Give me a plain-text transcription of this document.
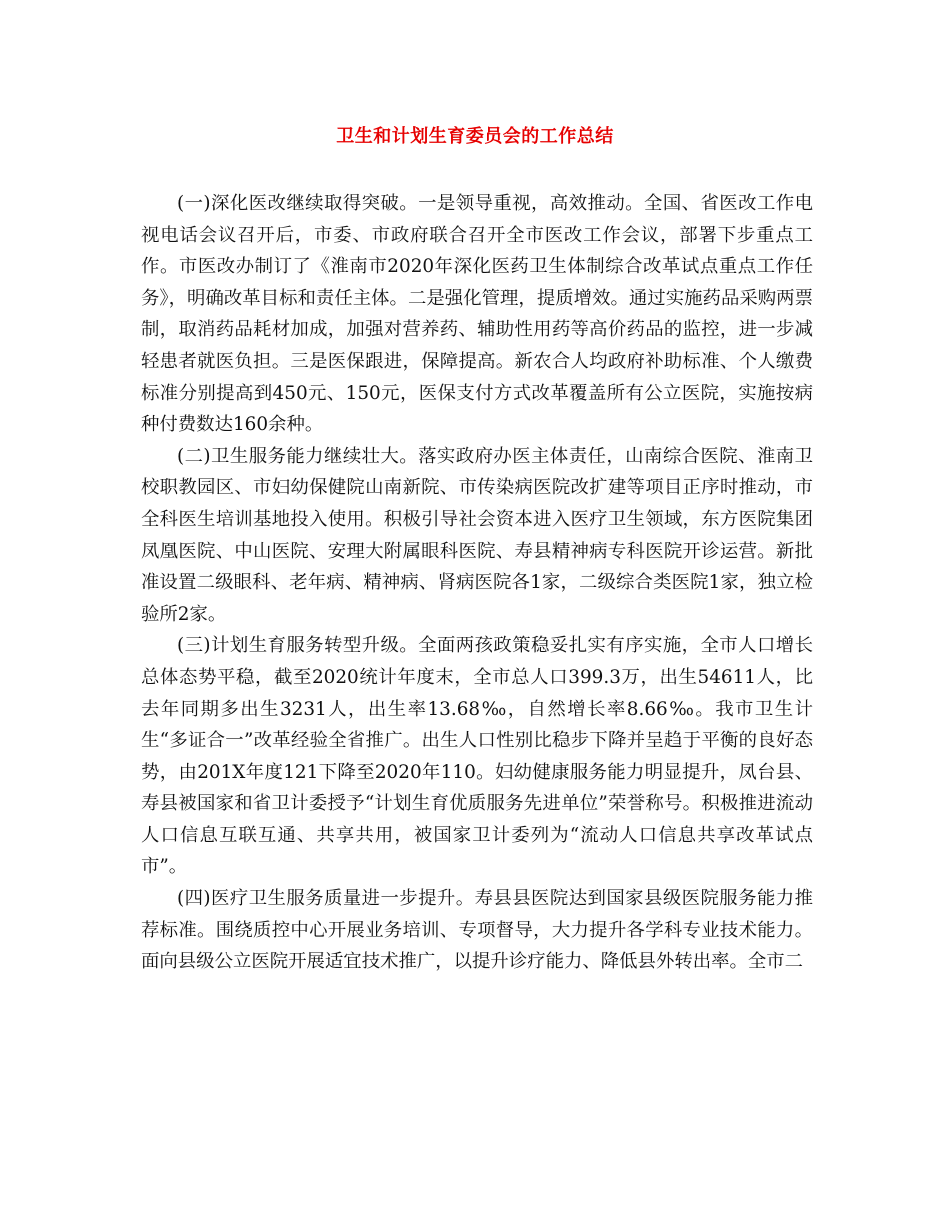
卫生和计划生育委员会的工作总结

(一)深化医改继续取得突破。一是领导重视，高效推动。全国、省医改工作电视电话会议召开后，市委、市政府联合召开全市医改工作会议，部署下步重点工作。市医改办制订了《淮南市2020年深化医药卫生体制综合改革试点重点工作任务》，明确改革目标和责任主体。二是强化管理，提质增效。通过实施药品采购两票制，取消药品耗材加成，加强对营养药、辅助性用药等高价药品的监控，进一步减轻患者就医负担。三是医保跟进，保障提高。新农合人均政府补助标准、个人缴费标准分别提高到450元、150元，医保支付方式改革覆盖所有公立医院，实施按病种付费数达160余种。

(二)卫生服务能力继续壮大。落实政府办医主体责任，山南综合医院、淮南卫校职教园区、市妇幼保健院山南新院、市传染病医院改扩建等项目正序时推动，市全科医生培训基地投入使用。积极引导社会资本进入医疗卫生领域，东方医院集团凤凰医院、中山医院、安理大附属眼科医院、寿县精神病专科医院开诊运营。新批准设置二级眼科、老年病、精神病、肾病医院各1家，二级综合类医院1家，独立检验所2家。

(三)计划生育服务转型升级。全面两孩政策稳妥扎实有序实施，全市人口增长总体态势平稳，截至2020统计年度末，全市总人口399.3万，出生54611人，比去年同期多出生3231人，出生率13.68‰，自然增长率8.66‰。我市卫生计生“多证合一”改革经验全省推广。出生人口性别比稳步下降并呈趋于平衡的良好态势，由201X年度121下降至2020年110。妇幼健康服务能力明显提升，凤台县、寿县被国家和省卫计委授予“计划生育优质服务先进单位”荣誉称号。积极推进流动人口信息互联互通、共享共用，被国家卫计委列为“流动人口信息共享改革试点市”。

(四)医疗卫生服务质量进一步提升。寿县县医院达到国家县级医院服务能力推荐标准。围绕质控中心开展业务培训、专项督导，大力提升各学科专业技术能力。面向县级公立医院开展适宜技术推广，以提升诊疗能力、降低县外转出率。全市二
